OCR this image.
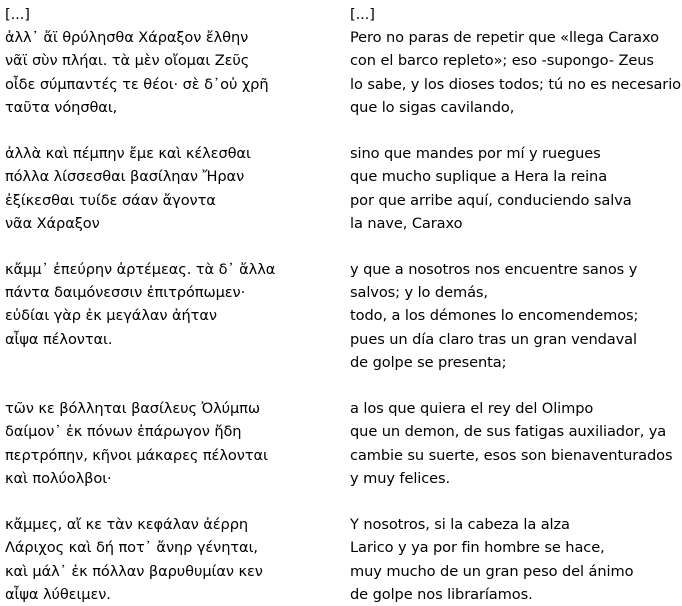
[...]
ἀλλ᾽ ἄϊ θρύλησθα Χάραξον ἔλθην
νᾶϊ σὺν πλήαι. τὰ μὲν οἴομαι Ζεῦς
οἶδε σύμπαντές τε θέοι· σὲ δ᾽οὐ χρῆ
ταῦτα νόησθαι,
ἀλλὰ καὶ πέμπην ἔμε καὶ κέλεσθαι
πόλλα λίσσεσθαι βασίληαν Ἤραν
ἐξίκεσθαι τυίδε σάαν ἄγοντα
νᾶα Χάραξον
κἄμμ᾽ ἐπεύρην ἀρτέμεας. τὰ δ᾽ ἄλλα
πάντα δαιμόνεσσιν ἐπιτρόπωμεν·
εὐδίαι γὰρ ἐκ μεγάλαν ἀήταν
αἶψα πέλονται.
τῶν κε βόλληται βασίλευς Ὀλύμπω
δαίμον᾽ ἐκ πόνων ἐπάρωγον ἤδη
περτρόπην, κῆνοι μάκαρες πέλονται
καὶ πολύολβοι·
κἄμμες, αἴ κε τὰν κεφάλαν ἀέρρη
Λάριχος καὶ δή ποτ᾽ ἄνηρ γένηται,
καὶ μάλ᾽ ἐκ πόλλαν βαρυθυμίαν κεν
αἶψα λύθειμεν.
[...]
Pero no paras de repetir que «llega Caraxo
con el barco repleto»; eso -supongo- Zeus
lo sabe, y los dioses todos; tú no es necesario
que lo sigas cavilando,
sino que mandes por mí y ruegues
que mucho suplique a Hera la reina
por que arribe aquí, conduciendo salva
la nave, Caraxo
y que a nosotros nos encuentre sanos y
salvos; y lo demás,
todo, a los démones lo encomendemos;
pues un día claro tras un gran vendaval
de golpe se presenta;
a los que quiera el rey del Olimpo
que un demon, de sus fatigas auxiliador, ya
cambie su suerte, esos son bienaventurados
y muy felices.
Y nosotros, si la cabeza la alza
Larico y ya por fin hombre se hace,
muy mucho de un gran peso del ánimo
de golpe nos libraríamos.
